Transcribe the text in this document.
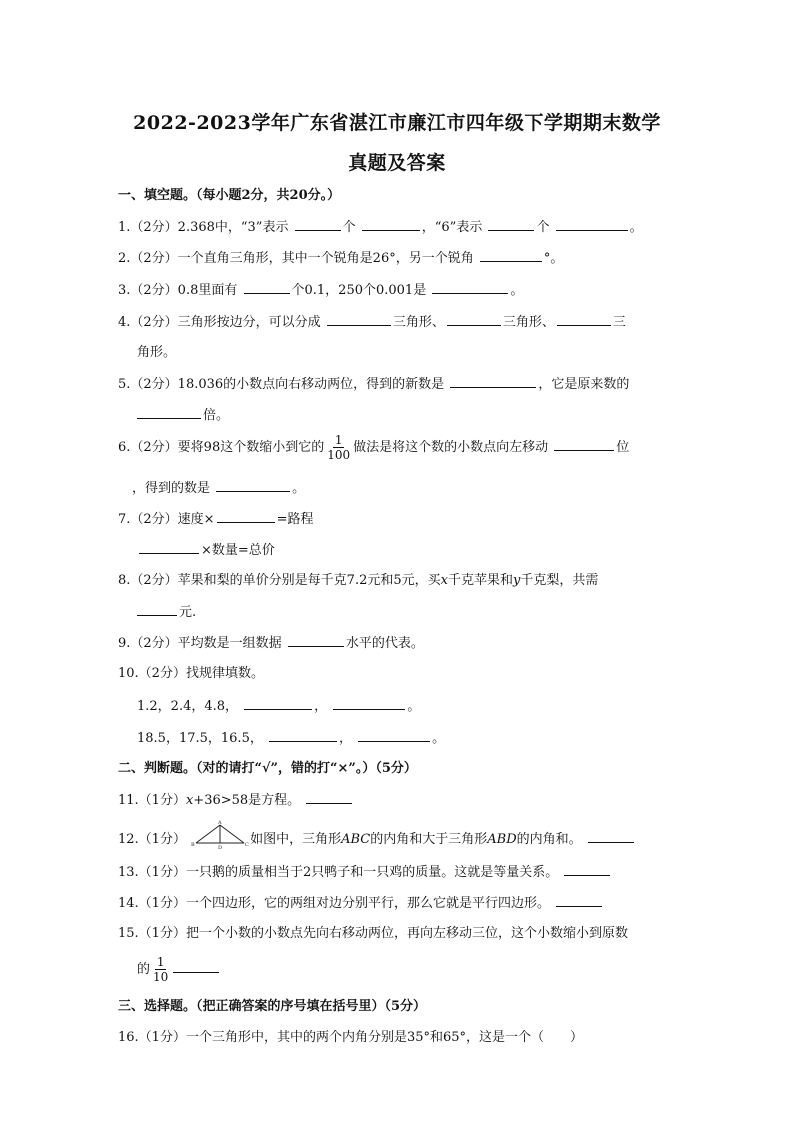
2022-2023学年广东省湛江市廉江市四年级下学期期末数学
真题及答案
一、填空题。（每小题2分，共20分。）
1.（2分）2.368中，“3”表示	个	，“6”表示	个	。
2.（2分）一个直角三角形，其中一个锐角是26°，另一个锐角	°。
3.（2分）0.8里面有	个0.1，250个0.001是	。
4.（2分）三角形按边分，可以分成	三角形、	三角形、	三
角形。
5.（2分）18.036的小数点向右移动两位，得到的新数是	，它是原来数的
倍。
6.（2分）要将98这个数缩小到它的 $\frac{1}{100}$ 做法是将这个数的小数点向左移动	位
，得到的数是	。
7.（2分）速度×	=路程
×数量=总价
8.（2分）苹果和梨的单价分别是每千克7.2元和5元，买x千克苹果和y千克梨，共需
元.
9.（2分）平均数是一组数据	水平的代表。
10.（2分）找规律填数。
1.2，2.4，4.8，	，	。
18.5，17.5，16.5，	，	。
二、判断题。（对的请打“√”，错的打“×”。）（5分）
11.（1分）x+36>58是方程。
12.（1分）
A
B	D	C 如图中，三角形ABC的内角和大于三角形ABD的内角和。
13.（1分）一只鹅的质量相当于2只鸭子和一只鸡的质量。这就是等量关系。
14.（1分）一个四边形，它的两组对边分别平行，那么它就是平行四边形。
15.（1分）把一个小数的小数点先向右移动两位，再向左移动三位，这个小数缩小到原数
的 $\frac{1}{10}$
三、选择题。（把正确答案的序号填在括号里）（5分）
16.（1分）一个三角形中，其中的两个内角分别是35°和65°，这是一个（　　）
